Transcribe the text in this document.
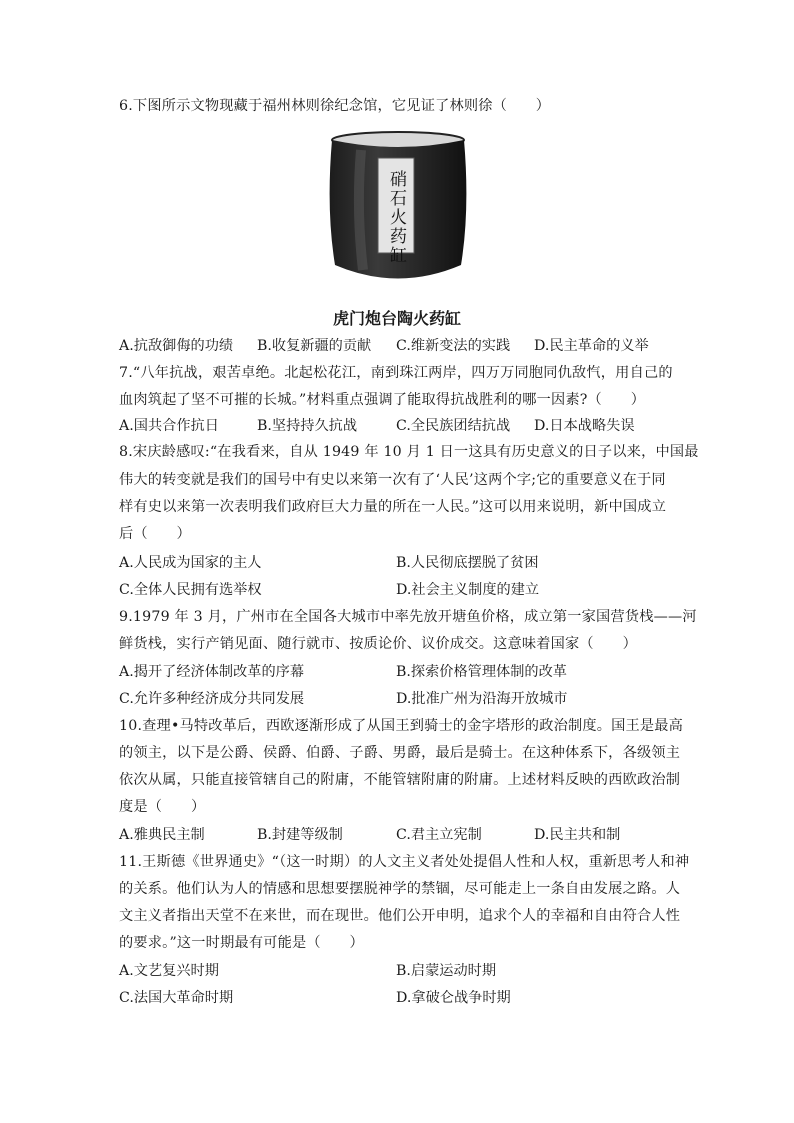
6.下图所示文物现藏于福州林则徐纪念馆，它见证了林则徐（　　）
硝石火药缸
虎门炮台陶火药缸
A.抗敌御侮的功绩 B.收复新疆的贡献 C.维新变法的实践 D.民主革命的义举
7.“八年抗战，艰苦卓绝。北起松花江，南到珠江两岸，四万万同胞同仇敌忾，用自己的
血肉筑起了坚不可摧的长城。”材料重点强调了能取得抗战胜利的哪一因素?（　　）
A.国共合作抗日	B.坚持持久抗战	C.全民族团结抗战 D.日本战略失误
8.宋庆龄感叹:“在我看来，自从 1949 年 10 月 1 日一这具有历史意义的日子以来，中国最
伟大的转变就是我们的国号中有史以来第一次有了‘人民’这两个字;它的重要意义在于同
样有史以来第一次表明我们政府巨大力量的所在一人民。”这可以用来说明，新中国成立
后（　　）
A.人民成为国家的主人	B.人民彻底摆脱了贫困
C.全体人民拥有选举权	D.社会主义制度的建立
9.1979 年 3 月，广州市在全国各大城市中率先放开塘鱼价格，成立第一家国营货栈——河
鲜货栈，实行产销见面、随行就市、按质论价、议价成交。这意味着国家（　　）
A.揭开了经济体制改革的序幕	B.探索价格管理体制的改革
C.允许多种经济成分共同发展	D.批准广州为沿海开放城市
10.查理•马特改革后，西欧逐渐形成了从国王到骑士的金字塔形的政治制度。国王是最高
的领主，以下是公爵、侯爵、伯爵、子爵、男爵，最后是骑士。在这种体系下，各级领主
依次从属，只能直接管辖自己的附庸，不能管辖附庸的附庸。上述材料反映的西欧政治制
度是（　　）
A.雅典民主制	B.封建等级制	C.君主立宪制	D.民主共和制
11.王斯德《世界通史》“（这一时期）的人文主义者处处提倡人性和人权，重新思考人和神
的关系。他们认为人的情感和思想要摆脱神学的禁锢，尽可能走上一条自由发展之路。人
文主义者指出天堂不在来世，而在现世。他们公开申明，追求个人的幸福和自由符合人性
的要求。”这一时期最有可能是（　　）
A.文艺复兴时期	B.启蒙运动时期
C.法国大革命时期	D.拿破仑战争时期
